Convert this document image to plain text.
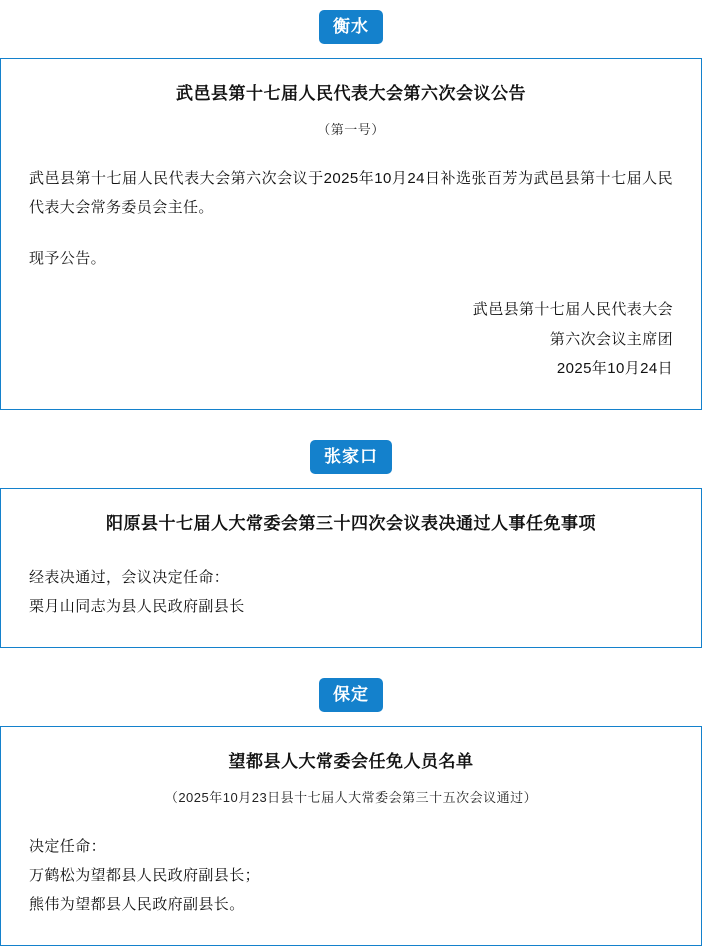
衡水
武邑县第十七届人民代表大会第六次会议公告
（第一号）

武邑县第十七届人民代表大会第六次会议于2025年10月24日补选张百芳为武邑县第十七届人民代表大会常务委员会主任。

现予公告。

武邑县第十七届人民代表大会
第六次会议主席团
2025年10月24日
张家口
阳原县十七届人大常委会第三十四次会议表决通过人事任免事项

经表决通过，会议决定任命：

栗月山同志为县人民政府副县长

保定
望都县人大常委会任免人员名单
（2025年10月23日县十七届人大常委会第三十五次会议通过）

决定任命：

万鹤松为望都县人民政府副县长；

熊伟为望都县人民政府副县长。
